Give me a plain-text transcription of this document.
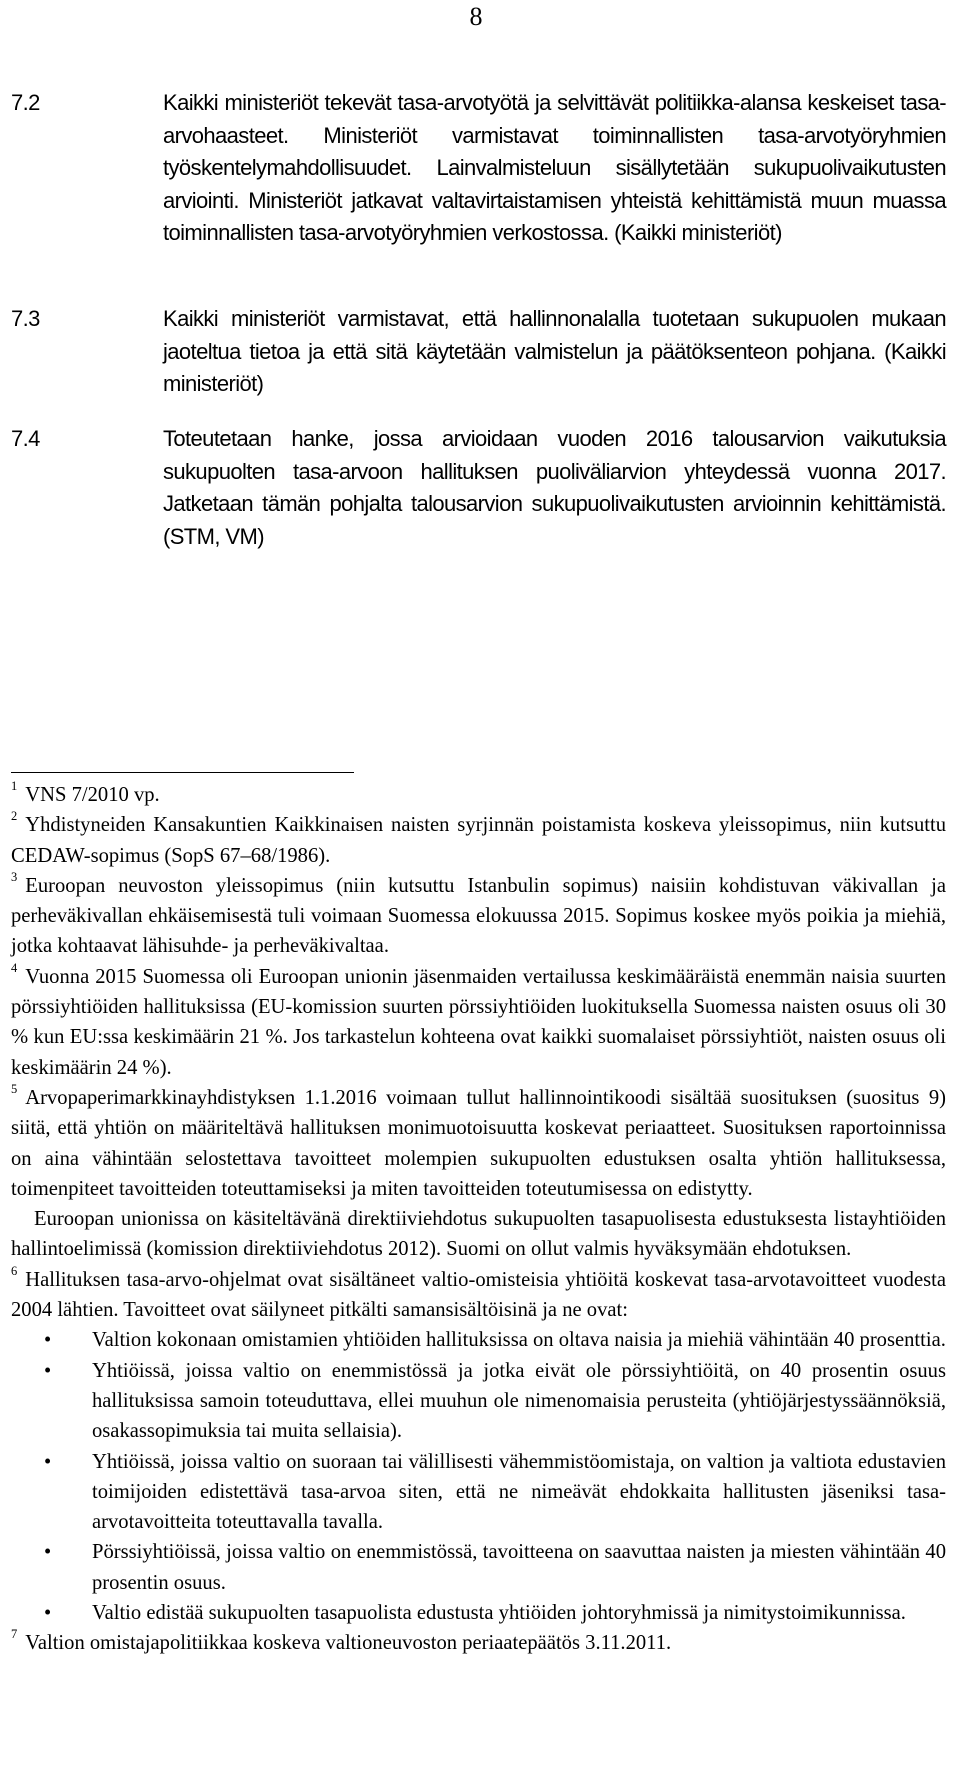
8
7.2	Kaikki ministeriöt tekevät tasa-arvotyötä ja selvittävät politiikka-alansa keskeiset tasa-arvohaasteet. Ministeriöt varmistavat toiminnallisten tasa-arvotyöryhmien työskentelymahdollisuudet. Lainvalmisteluun sisällytetään sukupuolivaikutusten arviointi. Ministeriöt jatkavat valtavirtaistamisen yhteistä kehittämistä muun muassa toiminnallisten tasa-arvotyöryhmien verkostossa. (Kaikki ministeriöt)
7.3	Kaikki ministeriöt varmistavat, että hallinnonalalla tuotetaan sukupuolen mukaan jaoteltua tietoa ja että sitä käytetään valmistelun ja päätöksenteon pohjana. (Kaikki ministeriöt)
7.4	Toteutetaan hanke, jossa arvioidaan vuoden 2016 talousarvion vaikutuksia sukupuolten tasa-arvoon hallituksen puoliväliarvion yhteydessä vuonna 2017. Jatketaan tämän pohjalta talousarvion sukupuolivaikutusten arvioinnin kehittämistä. (STM, VM)

$^1$ VNS 7/2010 vp.

$^2$ Yhdistyneiden Kansakuntien Kaikkinaisen naisten syrjinnän poistamista koskeva yleissopimus, niin kutsuttu CEDAW-sopimus (SopS 67–68/1986).

$^3$ Euroopan neuvoston yleissopimus (niin kutsuttu Istanbulin sopimus) naisiin kohdistuvan väkivallan ja perheväkivallan ehkäisemisestä tuli voimaan Suomessa elokuussa 2015. Sopimus koskee myös poikia ja miehiä, jotka kohtaavat lähisuhde- ja perheväkivaltaa.

$^4$ Vuonna 2015 Suomessa oli Euroopan unionin jäsenmaiden vertailussa keskimääräistä enemmän naisia suurten pörssiyhtiöiden hallituksissa (EU-komission suurten pörssiyhtiöiden luokituksella Suomessa naisten osuus oli 30 % kun EU:ssa keskimäärin 21 %. Jos tarkastelun kohteena ovat kaikki suomalaiset pörssiyhtiöt, naisten osuus oli keskimäärin 24 %).

$^5$ Arvopaperimarkkinayhdistyksen 1.1.2016 voimaan tullut hallinnointikoodi sisältää suosituksen (suositus 9) siitä, että yhtiön on määriteltävä hallituksen monimuotoisuutta koskevat periaatteet. Suosituksen raportoinnissa on aina vähintään selostettava tavoitteet molempien sukupuolten edustuksen osalta yhtiön hallituksessa, toimenpiteet tavoitteiden toteuttamiseksi ja miten tavoitteiden toteutumisessa on edistytty.

Euroopan unionissa on käsiteltävänä direktiiviehdotus sukupuolten tasapuolisesta edustuksesta listayhtiöiden hallintoelimissä (komission direktiiviehdotus 2012). Suomi on ollut valmis hyväksymään ehdotuksen.

$^6$ Hallituksen tasa-arvo-ohjelmat ovat sisältäneet valtio-omisteisia yhtiöitä koskevat tasa-arvotavoitteet vuodesta 2004 lähtien. Tavoitteet ovat säilyneet pitkälti samansisältöisinä ja ne ovat:

• Valtion kokonaan omistamien yhtiöiden hallituksissa on oltava naisia ja miehiä vähintään 40 prosenttia.
• Yhtiöissä, joissa valtio on enemmistössä ja jotka eivät ole pörssiyhtiöitä, on 40 prosentin osuus hallituksissa samoin toteuduttava, ellei muuhun ole nimenomaisia perusteita (yhtiöjärjestyssäännöksiä, osakassopimuksia tai muita sellaisia).
• Yhtiöissä, joissa valtio on suoraan tai välillisesti vähemmistöomistaja, on valtion ja valtiota edustavien toimijoiden edistettävä tasa-arvoa siten, että ne nimeävät ehdokkaita hallitusten jäseniksi tasa-arvotavoitteita toteuttavalla tavalla.
• Pörssiyhtiöissä, joissa valtio on enemmistössä, tavoitteena on saavuttaa naisten ja miesten vähintään 40 prosentin osuus.
• Valtio edistää sukupuolten tasapuolista edustusta yhtiöiden johtoryhmissä ja nimitystoimikunnissa.

$^7$ Valtion omistajapolitiikkaa koskeva valtioneuvoston periaatepäätös 3.11.2011.
